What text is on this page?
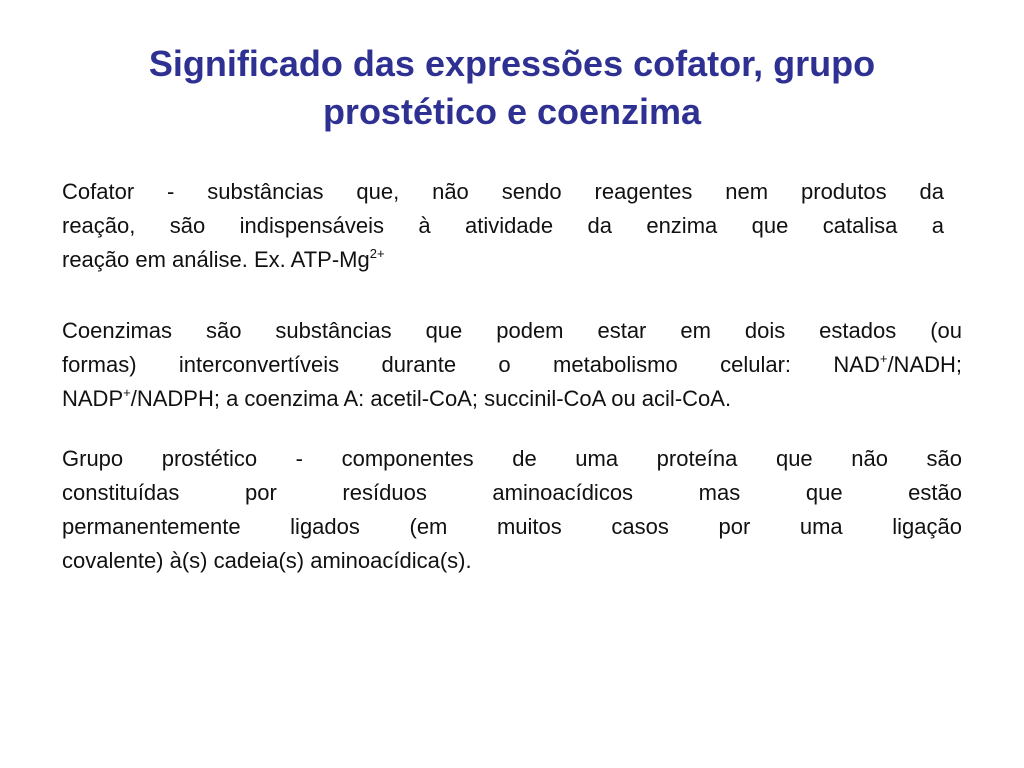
Significado das expressões cofator, grupo
prostético e coenzima

Cofator - substâncias que, não sendo reagentes nem produtos da
reação, são indispensáveis à atividade da enzima que catalisa a
reação em análise. Ex. ATP-$Mg^{2+}$

Coenzimas são substâncias que podem estar em dois estados (ou
formas) interconvertíveis durante o metabolismo celular: NAD+/NADH;
NADP+/NADPH; a coenzima A: acetil-CoA; succinil-CoA ou acil-CoA.

Grupo prostético - componentes de uma proteína que não são
constituídas por resíduos aminoacídicos mas que estão
permanentemente ligados (em muitos casos por uma ligação
covalente) à(s) cadeia(s) aminoacídica(s).
